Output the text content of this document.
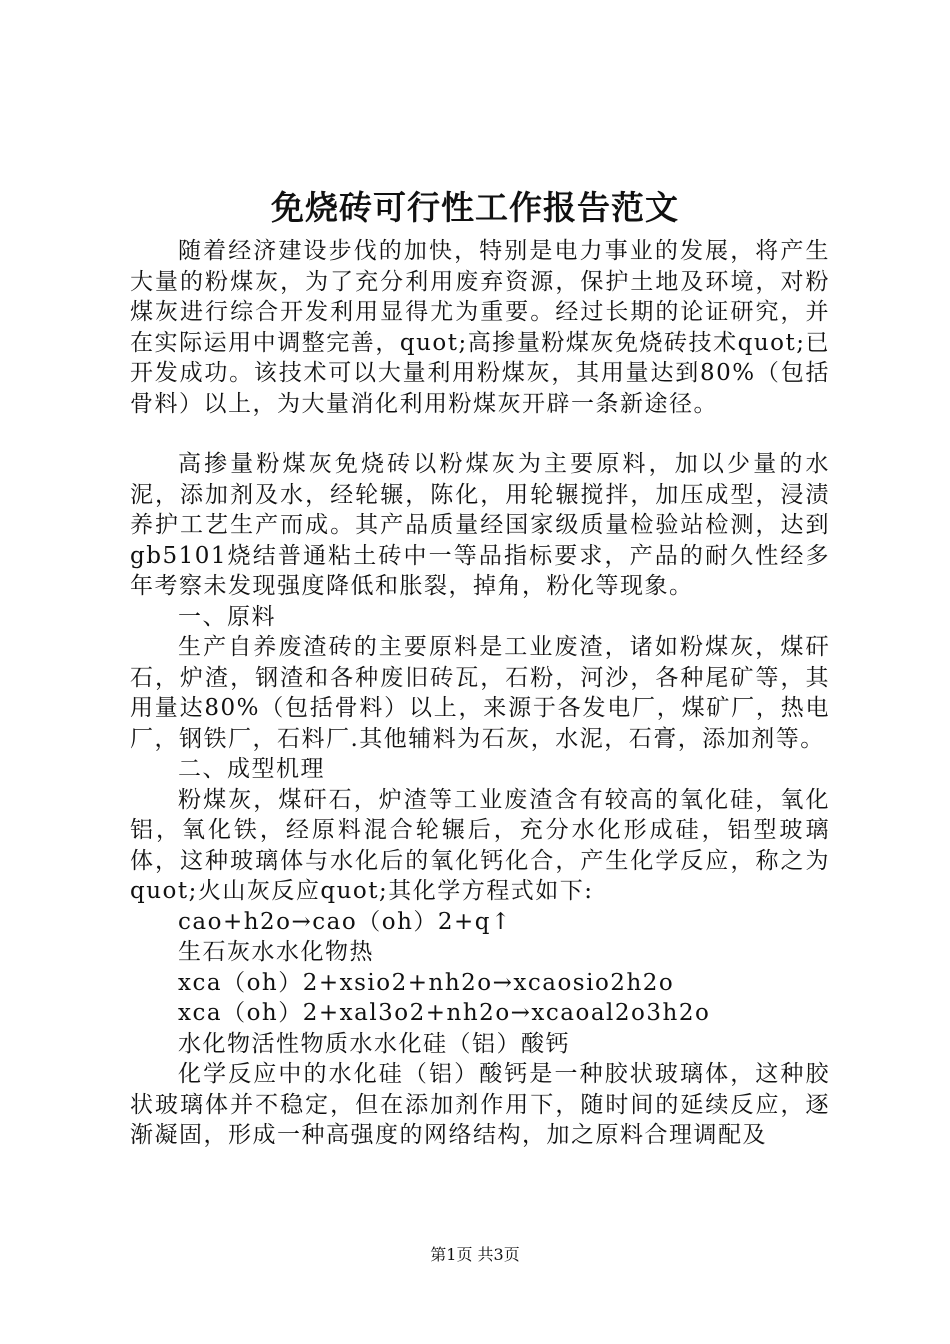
免烧砖可行性工作报告范文

随着经济建设步伐的加快，特别是电力事业的发展，将产生大量的粉煤灰，为了充分利用废弃资源，保护土地及环境，对粉煤灰进行综合开发利用显得尤为重要。经过长期的论证研究，并在实际运用中调整完善，quot;高掺量粉煤灰免烧砖技术quot;已开发成功。该技术可以大量利用粉煤灰，其用量达到80%（包括骨料）以上，为大量消化利用粉煤灰开辟一条新途径。

高掺量粉煤灰免烧砖以粉煤灰为主要原料，加以少量的水泥，添加剂及水，经轮辗，陈化，用轮辗搅拌，加压成型，浸渍养护工艺生产而成。其产品质量经国家级质量检验站检测，达到gb5101烧结普通粘土砖中一等品指标要求，产品的耐久性经多年考察未发现强度降低和胀裂，掉角，粉化等现象。

一、原料

生产自养废渣砖的主要原料是工业废渣，诸如粉煤灰，煤矸石，炉渣，钢渣和各种废旧砖瓦，石粉，河沙，各种尾矿等，其用量达80%（包括骨料）以上，来源于各发电厂，煤矿厂，热电厂，钢铁厂，石料厂.其他辅料为石灰，水泥，石膏，添加剂等。

二、成型机理

粉煤灰，煤矸石，炉渣等工业废渣含有较高的氧化硅，氧化铝，氧化铁，经原料混合轮辗后，充分水化形成硅，铝型玻璃体，这种玻璃体与水化后的氧化钙化合，产生化学反应，称之为quot;火山灰反应quot;其化学方程式如下:

cao+h2o→cao（oh）2+q↑

生石灰水水化物热

xca（oh）2+xsio2+nh2o→xcaosio2h2o

xca（oh）2+xal3o2+nh2o→xcaoal2o3h2o

水化物活性物质水水化硅（铝）酸钙

化学反应中的水化硅（铝）酸钙是一种胶状玻璃体，这种胶状玻璃体并不稳定，但在添加剂作用下，随时间的延续反应，逐渐凝固，形成一种高强度的网络结构，加之原料合理调配及

第1页 共3页
